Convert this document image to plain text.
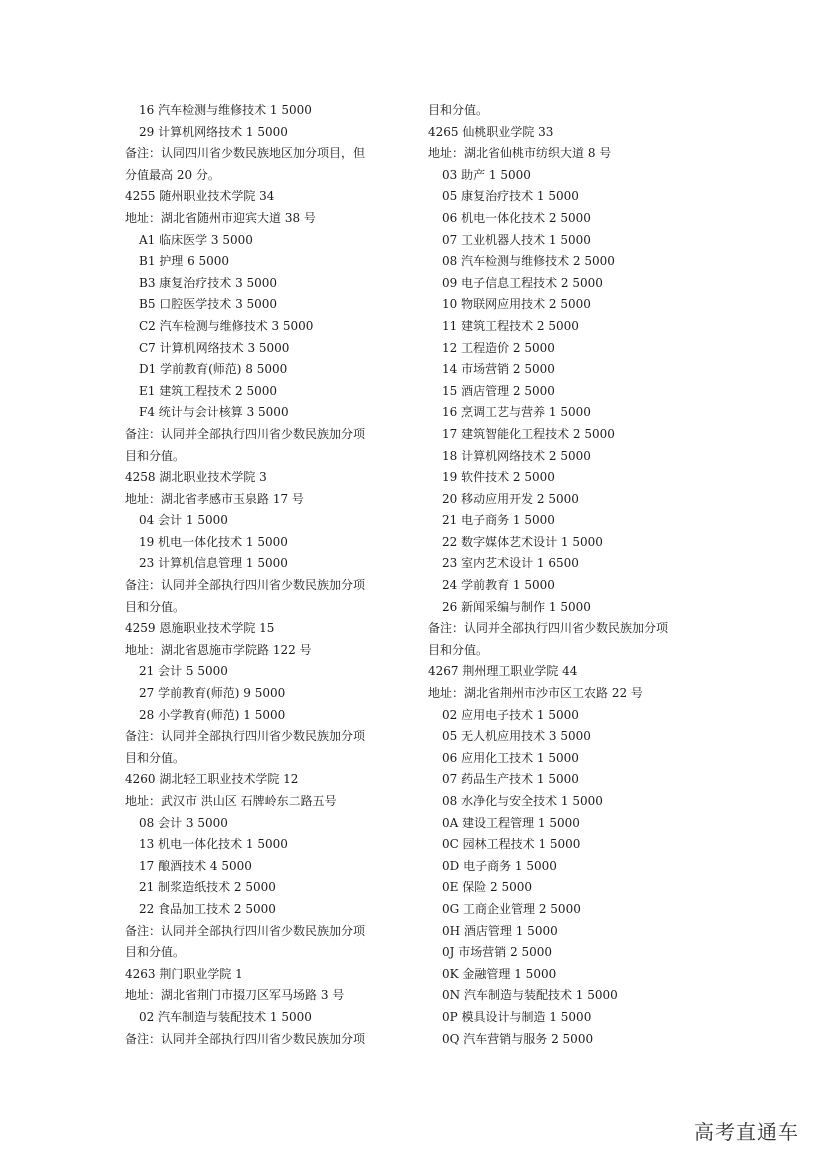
16 汽车检测与维修技术 1 5000
29 计算机网络技术 1 5000
备注：认同四川省少数民族地区加分项目，但
分值最高 20 分。
4255 随州职业技术学院 34
地址：湖北省随州市迎宾大道 38 号
A1 临床医学 3 5000
B1 护理 6 5000
B3 康复治疗技术 3 5000
B5 口腔医学技术 3 5000
C2 汽车检测与维修技术 3 5000
C7 计算机网络技术 3 5000
D1 学前教育(师范) 8 5000
E1 建筑工程技术 2 5000
F4 统计与会计核算 3 5000
备注：认同并全部执行四川省少数民族加分项
目和分值。
4258 湖北职业技术学院 3
地址：湖北省孝感市玉泉路 17 号
04 会计 1 5000
19 机电一体化技术 1 5000
23 计算机信息管理 1 5000
备注：认同并全部执行四川省少数民族加分项
目和分值。
4259 恩施职业技术学院 15
地址：湖北省恩施市学院路 122 号
21 会计 5 5000
27 学前教育(师范) 9 5000
28 小学教育(师范) 1 5000
备注：认同并全部执行四川省少数民族加分项
目和分值。
4260 湖北轻工职业技术学院 12
地址：武汉市 洪山区 石牌岭东二路五号
08 会计 3 5000
13 机电一体化技术 1 5000
17 酿酒技术 4 5000
21 制浆造纸技术 2 5000
22 食品加工技术 2 5000
备注：认同并全部执行四川省少数民族加分项
目和分值。
4263 荆门职业学院 1
地址：湖北省荆门市掇刀区军马场路 3 号
02 汽车制造与装配技术 1 5000
备注：认同并全部执行四川省少数民族加分项
目和分值。
4265 仙桃职业学院 33
地址：湖北省仙桃市纺织大道 8 号
03 助产 1 5000
05 康复治疗技术 1 5000
06 机电一体化技术 2 5000
07 工业机器人技术 1 5000
08 汽车检测与维修技术 2 5000
09 电子信息工程技术 2 5000
10 物联网应用技术 2 5000
11 建筑工程技术 2 5000
12 工程造价 2 5000
14 市场营销 2 5000
15 酒店管理 2 5000
16 烹调工艺与营养 1 5000
17 建筑智能化工程技术 2 5000
18 计算机网络技术 2 5000
19 软件技术 2 5000
20 移动应用开发 2 5000
21 电子商务 1 5000
22 数字媒体艺术设计 1 5000
23 室内艺术设计 1 6500
24 学前教育 1 5000
26 新闻采编与制作 1 5000
备注：认同并全部执行四川省少数民族加分项
目和分值。
4267 荆州理工职业学院 44
地址：湖北省荆州市沙市区工农路 22 号
02 应用电子技术 1 5000
05 无人机应用技术 3 5000
06 应用化工技术 1 5000
07 药品生产技术 1 5000
08 水净化与安全技术 1 5000
0A 建设工程管理 1 5000
0C 园林工程技术 1 5000
0D 电子商务 1 5000
0E 保险 2 5000
0G 工商企业管理 2 5000
0H 酒店管理 1 5000
0J 市场营销 2 5000
0K 金融管理 1 5000
0N 汽车制造与装配技术 1 5000
0P 模具设计与制造 1 5000
0Q 汽车营销与服务 2 5000
高考直通车
